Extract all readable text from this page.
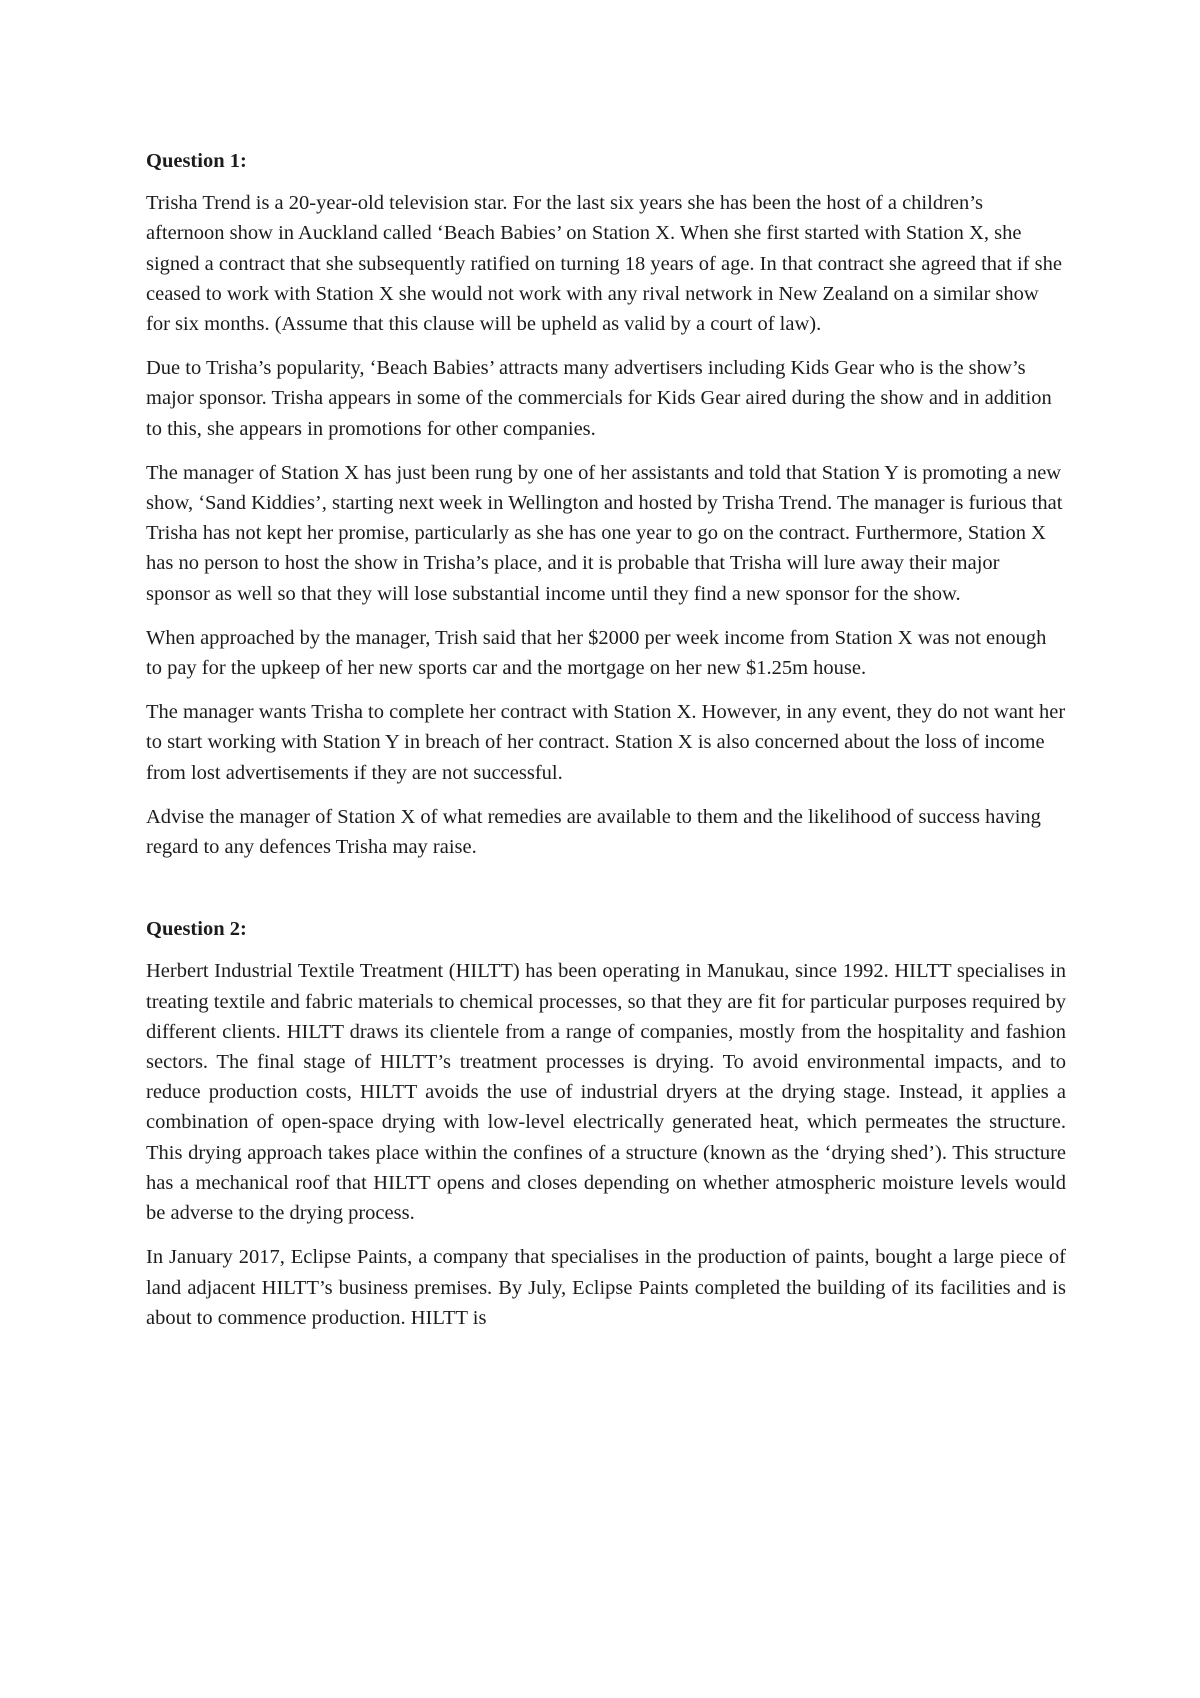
Question 1:

Trisha Trend is a 20-year-old television star. For the last six years she has been the host of a children’s afternoon show in Auckland called ‘Beach Babies’ on Station X. When she first started with Station X, she signed a contract that she subsequently ratified on turning 18 years of age. In that contract she agreed that if she ceased to work with Station X she would not work with any rival network in New Zealand on a similar show for six months. (Assume that this clause will be upheld as valid by a court of law).

Due to Trisha’s popularity, ‘Beach Babies’ attracts many advertisers including Kids Gear who is the show’s major sponsor. Trisha appears in some of the commercials for Kids Gear aired during the show and in addition to this, she appears in promotions for other companies.

The manager of Station X has just been rung by one of her assistants and told that Station Y is promoting a new show, ‘Sand Kiddies’, starting next week in Wellington and hosted by Trisha Trend. The manager is furious that Trisha has not kept her promise, particularly as she has one year to go on the contract. Furthermore, Station X has no person to host the show in Trisha’s place, and it is probable that Trisha will lure away their major sponsor as well so that they will lose substantial income until they find a new sponsor for the show.

When approached by the manager, Trish said that her $2000 per week income from Station X was not enough to pay for the upkeep of her new sports car and the mortgage on her new $1.25m house.

The manager wants Trisha to complete her contract with Station X. However, in any event, they do not want her to start working with Station Y in breach of her contract. Station X is also concerned about the loss of income from lost advertisements if they are not successful.

Advise the manager of Station X of what remedies are available to them and the likelihood of success having regard to any defences Trisha may raise.

Question 2:

Herbert Industrial Textile Treatment (HILTT) has been operating in Manukau, since 1992. HILTT specialises in treating textile and fabric materials to chemical processes, so that they are fit for particular purposes required by different clients. HILTT draws its clientele from a range of companies, mostly from the hospitality and fashion sectors. The final stage of HILTT’s treatment processes is drying. To avoid environmental impacts, and to reduce production costs, HILTT avoids the use of industrial dryers at the drying stage. Instead, it applies a combination of open-space drying with low-level electrically generated heat, which permeates the structure. This drying approach takes place within the confines of a structure (known as the ‘drying shed’). This structure has a mechanical roof that HILTT opens and closes depending on whether atmospheric moisture levels would be adverse to the drying process.

In January 2017, Eclipse Paints, a company that specialises in the production of paints, bought a large piece of land adjacent HILTT’s business premises. By July, Eclipse Paints completed the building of its facilities and is about to commence production. HILTT is
